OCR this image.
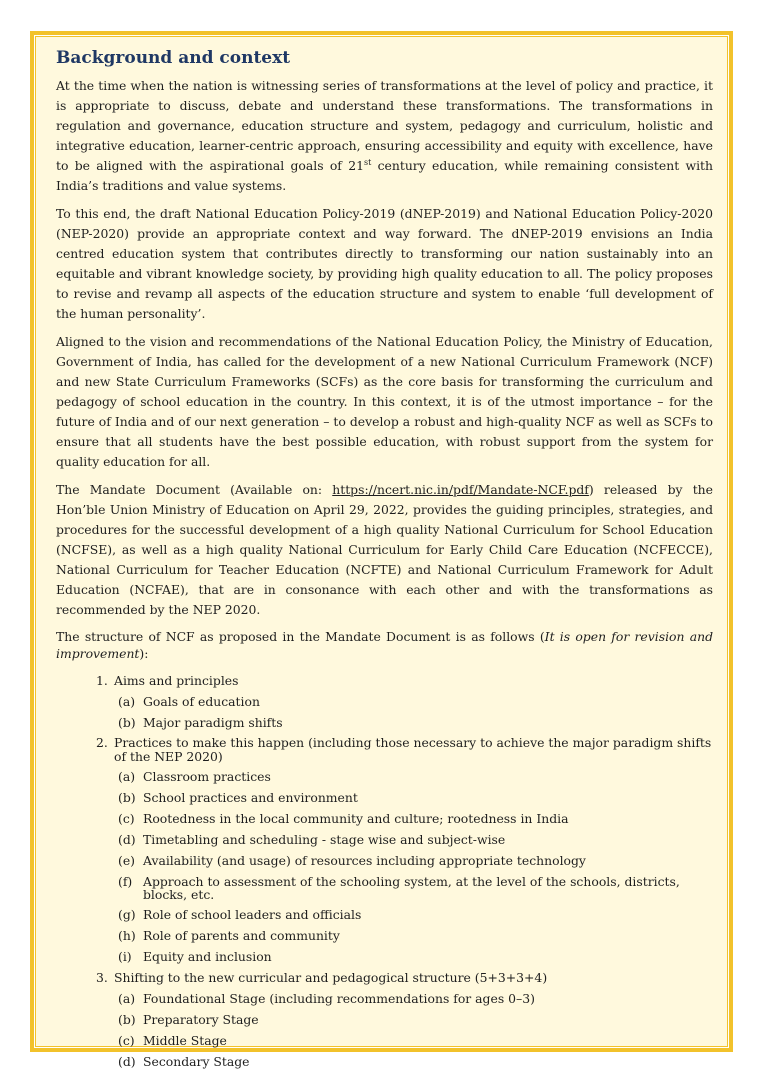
Background and context

At the time when the nation is witnessing series of transformations at the level of policy and practice, it is appropriate to discuss, debate and understand these transformations. The transformations in regulation and governance, education structure and system, pedagogy and curriculum, holistic and integrative education, learner-centric approach, ensuring accessibility and equity with excellence, have to be aligned with the aspirational goals of 21st century education, while remaining consistent with India’s traditions and value systems.

To this end, the draft National Education Policy-2019 (dNEP-2019) and National Education Policy-2020 (NEP-2020) provide an appropriate context and way forward. The dNEP-2019 envisions an India centred education system that contributes directly to transforming our nation sustainably into an equitable and vibrant knowledge society, by providing high quality education to all. The policy proposes to revise and revamp all aspects of the education structure and system to enable ‘full development of the human personality’.

Aligned to the vision and recommendations of the National Education Policy, the Ministry of Education, Government of India, has called for the development of a new National Curriculum Framework (NCF) and new State Curriculum Frameworks (SCFs) as the core basis for transforming the curriculum and pedagogy of school education in the country. In this context, it is of the utmost importance – for the future of India and of our next generation – to develop a robust and high-quality NCF as well as SCFs to ensure that all students have the best possible education, with robust support from the system for quality education for all.

The Mandate Document (Available on: https://ncert.nic.in/pdf/Mandate-NCF.pdf) released by the Hon’ble Union Ministry of Education on April 29, 2022, provides the guiding principles, strategies, and procedures for the successful development of a high quality National Curriculum for School Education (NCFSE), as well as a high quality National Curriculum for Early Child Care Education (NCFECCE), National Curriculum for Teacher Education (NCFTE) and National Curriculum Framework for Adult Education (NCFAE), that are in consonance with each other and with the transformations as recommended by the NEP 2020.

The structure of NCF as proposed in the Mandate Document is as follows (It is open for revision and improvement):

1. Aims and principles
(a) Goals of education
(b) Major paradigm shifts
2. Practices to make this happen (including those necessary to achieve the major paradigm shifts of the NEP 2020)
(a) Classroom practices
(b) School practices and environment
(c) Rootedness in the local community and culture; rootedness in India
(d) Timetabling and scheduling - stage wise and subject-wise
(e) Availability (and usage) of resources including appropriate technology
(f) Approach to assessment of the schooling system, at the level of the schools, districts, blocks, etc.
(g) Role of school leaders and officials
(h) Role of parents and community
(i) Equity and inclusion
3. Shifting to the new curricular and pedagogical structure (5+3+3+4)
(a) Foundational Stage (including recommendations for ages 0–3)
(b) Preparatory Stage
(c) Middle Stage
(d) Secondary Stage
